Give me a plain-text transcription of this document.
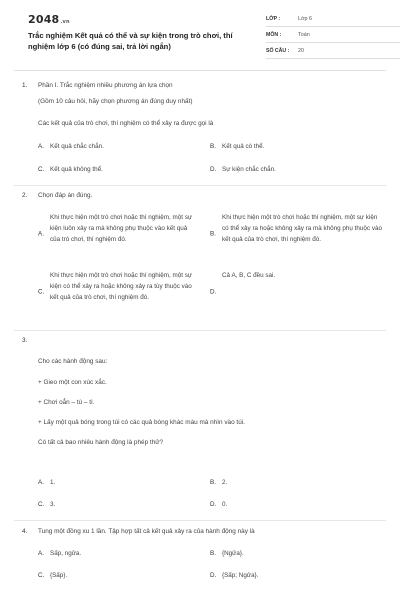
2048.vn
Trắc nghiệm Kết quả có thể và sự kiện trong trò chơi, thí nghiệm lớp 6 (có đúng sai, trả lời ngắn)
LỚP :	Lớp 6
MÔN :	Toán
SỐ CÂU :	20
1. Phần I. Trắc nghiệm nhiều phương án lựa chọn
(Gồm 10 câu hỏi, hãy chọn phương án đúng duy nhất)
Các kết quả của trò chơi, thí nghiệm có thể xảy ra được gọi là
A. Kết quả chắc chắn.	B. Kết quả có thể.
C. Kết quả không thể.	D. Sự kiện chắc chắn.
2. Chọn đáp án đúng.
A.
Khi thực hiện một trò chơi hoặc thí nghiệm, một sự kiện luôn xảy ra mà không phụ thuộc vào kết quả của trò chơi, thí nghiệm đó.
B.
Khi thực hiện một trò chơi hoặc thí nghiệm, một sự kiện có thể xảy ra hoặc không xảy ra mà không phụ thuộc vào kết quả của trò chơi, thí nghiệm đó.
C.
Khi thực hiện một trò chơi hoặc thí nghiệm, một sự kiện có thể xảy ra hoặc không xảy ra tùy thuộc vào kết quả của trò chơi, thí nghiệm đó.
D.
Cả A, B, C đều sai.
3.
Cho các hành động sau:
+ Gieo một con xúc xắc.
+ Chơi oẳn – tù – tì.
+ Lấy một quả bóng trong túi có các quả bóng khác màu mà nhìn vào túi.
Có tất cả bao nhiêu hành động là phép thử?
A. 1.	B. 2.
C. 3.	D. 0.
4. Tung một đồng xu 1 lần. Tập hợp tất cả kết quả xảy ra của hành động này là
A. Sấp, ngửa.	B. {Ngửa}.
C. {Sấp}.	D. {Sấp; Ngửa}.
